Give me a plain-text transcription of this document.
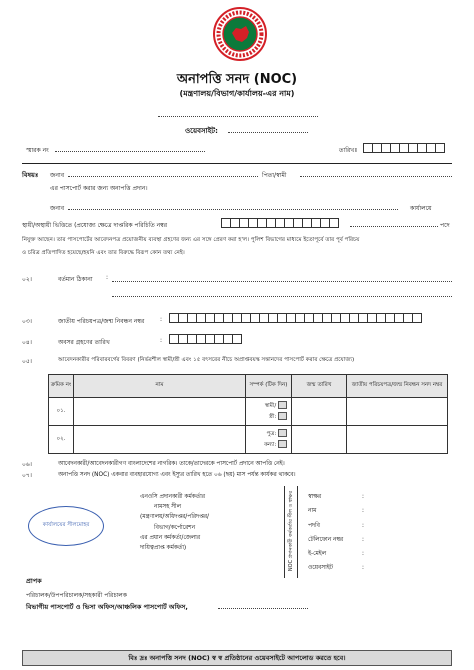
অনাপত্তি সনদ (NOC)
(মন্ত্রণালয়/বিভাগ/কার্যালয়-এর নাম)
ওয়েবসাইট:
স্মারক নং	তারিখঃ
বিষয়ঃ জনাব	পিতা/স্বামী
এর পাসপোর্ট করার জন্য অনাপত্তি প্রদান।
জনাব	কার্যালয়ে
স্থায়ী/অস্থায়ী ভিত্তিতে (প্রযোজ্য ক্ষেত্রে দাপ্তরিক পরিচিতি নম্বর	পদে
নিযুক্ত আছেন। তার পাসপোর্টের আবেদনপত্র প্রয়োজনীয় ব্যবস্থা গ্রহণের জন্য এর সঙ্গে প্রেরণ করা হ'ল। পুলিশ বিভাগের মাধ্যমে ইতোপূর্বে তার পূর্ব পরিচয়
ও চরিত্র প্রতিপাদিত হয়েছে/হয়নি এবং তার বিরুদ্ধে বিরূপ কোন তথ্য নেই।
০২।	বর্তমান ঠিকানা :
০৩।	জাতীয় পরিচয়পত্র/জন্ম নিবন্ধন নম্বর	:
০৪।	অবসর গ্রহণের তারিখ	:
০৫।	আবেদনকারীর পরিবারবর্গের বিবরণ (নির্ভরশীল স্বামী/স্ত্রী এবং ১৫ বৎসরের নীচে অপ্রাপ্তবয়স্ক সন্তানদের পাসপোর্ট করার ক্ষেত্রে প্রযোজ্য)
ক্রমিক নং	নাম	সম্পর্ক (টিক দিন)	জন্ম তারিখ	জাতীয় পরিচয়পত্র/জন্ম নিবন্ধন সনদ নম্বর
০১.		স্বামী/
স্ত্রী:		
০২.		পুত্র:
কন্যা:		
০৬।	আবেদনকারী/আবেদনকারীগণ বাংলাদেশের নাগরিক। তাকে/তাদেরকে পাসপোর্ট প্রদানে আপত্তি নেই।
০৭।	অনাপত্তি সনদ (NOC) একবার ব্যবহারযোগ্য এবং ইস্যুর তারিখ হতে ০৬ (ছয়) মাস পর্যন্ত কার্যকর থাকবে।
কার্যালয়ের সীলমোহর
এনওসি প্রদানকারী কর্মকর্তার
নামসহ সীল
(মন্ত্রণালয়/অধিদপ্তর/পরিদপ্তর/
বিভাগ/কর্পোরেশন
এর প্রধান কর্মকর্তা/জেলার
দায়িত্বপ্রাপ্ত কর্মকর্তা)	NOC প্রদানকারী কর্মকর্তার সীল ও স্বাক্ষর	স্বাক্ষর	:
নাম	:
পদবি	:
টেলিফোন নম্বর	:
ই-মেইল	:
ওয়েবসাইট	:
প্রাপক
পরিচালক/উপপরিচালক/সহকারী পরিচালক
বিভাগীয় পাসপোর্ট ও ভিসা অফিস/আঞ্চলিক পাসপোর্ট অফিস,
বিঃ দ্রঃ অনাপত্তি সনদ (NOC) স্ব স্ব প্রতিষ্ঠানের ওয়েবসাইটে আপলোড করতে হবে।
